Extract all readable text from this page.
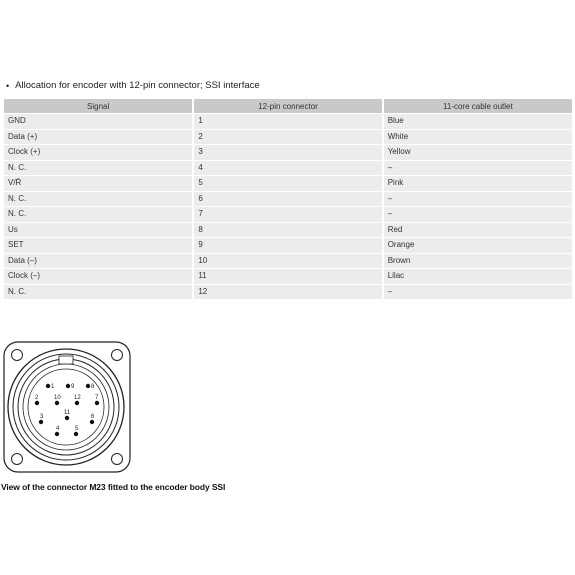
• Allocation for encoder with 12-pin connector; SSI interface
Signal	12-pin connector	11-core cable outlet
GND	1	Blue
Data (+)	2	White
Clock (+)	3	Yellow
N. C.	4	–
V/R̄	5	Pink
N. C.	6	–
N. C.	7	–
Us	8	Red
SET	9	Orange
Data (–)	10	Brown
Clock (–)	11	Lilac
N. C.	12	–
1
2
3
4	5
6
7
8
9
10
11
12
View of the connector M23 fitted to the encoder body SSI
